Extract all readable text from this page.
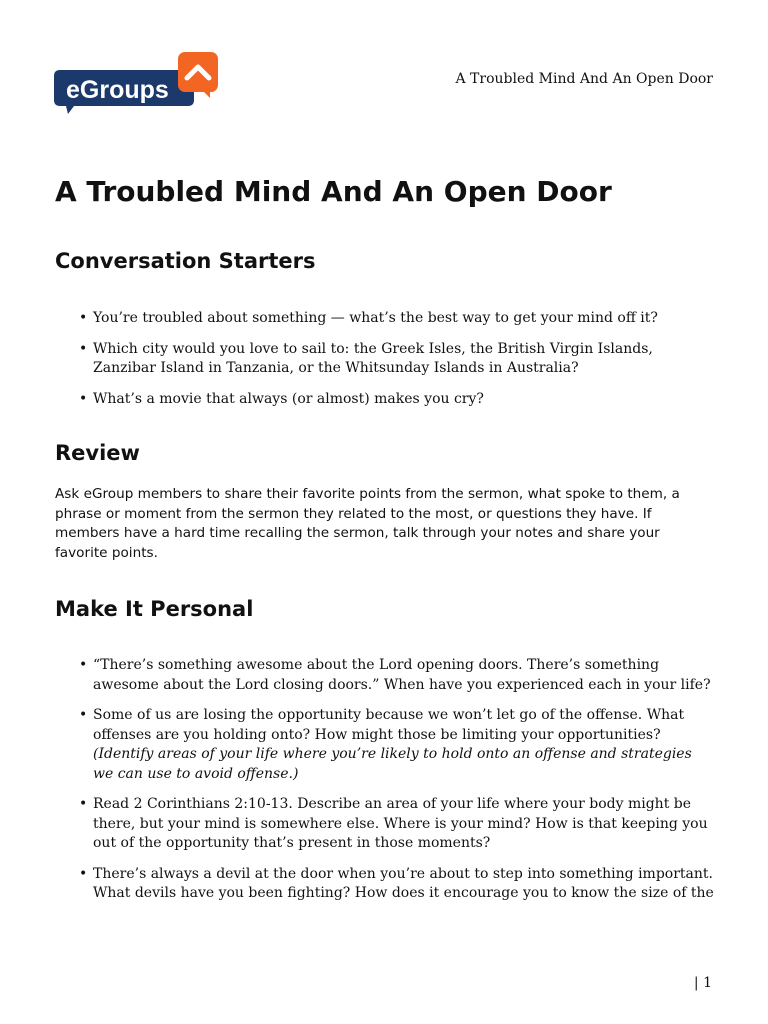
eGroups	A Troubled Mind And An Open Door
A Troubled Mind And An Open Door
Conversation Starters
• You’re troubled about something — what’s the best way to get your mind off it?
• Which city would you love to sail to: the Greek Isles, the British Virgin Islands, Zanzibar Island in Tanzania, or the Whitsunday Islands in Australia?
• What’s a movie that always (or almost) makes you cry?
Review

Ask eGroup members to share their favorite points from the sermon, what spoke to them, a phrase or moment from the sermon they related to the most, or questions they have. If members have a hard time recalling the sermon, talk through your notes and share your favorite points.

Make It Personal
• “There’s something awesome about the Lord opening doors. There’s something awesome about the Lord closing doors.” When have you experienced each in your life?
• Some of us are losing the opportunity because we won’t let go of the offense. What offenses are you holding onto? How might those be limiting your opportunities?
(Identify areas of your life where you’re likely to hold onto an offense and strategies we can use to avoid offense.)
• Read 2 Corinthians 2:10-13. Describe an area of your life where your body might be there, but your mind is somewhere else. Where is your mind? How is that keeping you out of the opportunity that’s present in those moments?
• There’s always a devil at the door when you’re about to step into something important. What devils have you been fighting? How does it encourage you to know the size of the
| 1
